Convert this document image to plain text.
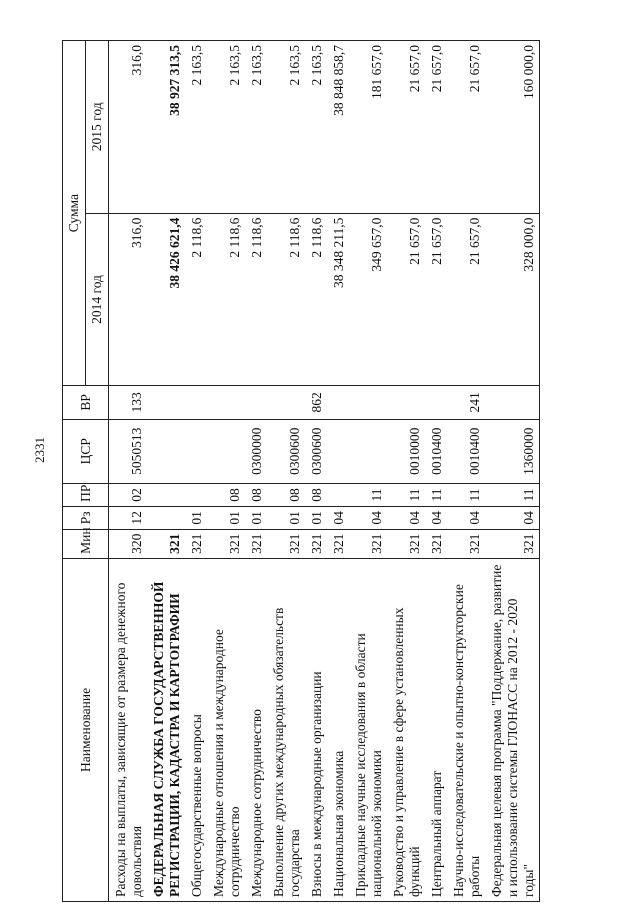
2331
Наименование	Мин	Рз	ПР	ЦСР	ВР	Сумма	
						2014 год	2015 год
Расходы на выплаты, зависящие от размера денежного довольствия	320	12	02	5050513	133	316,0	316,0
ФЕДЕРАЛЬНАЯ СЛУЖБА ГОСУДАРСТВЕННОЙ РЕГИСТРАЦИИ, КАДАСТРА И КАРТОГРАФИИ	321					38 426 621,4	38 927 313,5
Общегосударственные вопросы	321	01				2 118,6	2 163,5
Международные отношения и международное сотрудничество	321	01	08			2 118,6	2 163,5
Международное сотрудничество	321	01	08	0300000		2 118,6	2 163,5
Выполнение других международных обязательств государства	321	01	08	0300600		2 118,6	2 163,5
Взносы в международные организации	321	01	08	0300600	862	2 118,6	2 163,5
Национальная экономика	321	04				38 348 211,5	38 848 858,7
Прикладные научные исследования в области национальной экономики	321	04	11			349 657,0	181 657,0
Руководство и управление в сфере установленных функций	321	04	11	0010000		21 657,0	21 657,0
Центральный аппарат	321	04	11	0010400		21 657,0	21 657,0
Научно-исследовательские и опытно-конструкторские работы	321	04	11	0010400	241	21 657,0	21 657,0
Федеральная целевая программа "Поддержание, развитие и использование системы ГЛОНАСС на 2012 - 2020 годы"	321	04	11	1360000		328 000,0	160 000,0
